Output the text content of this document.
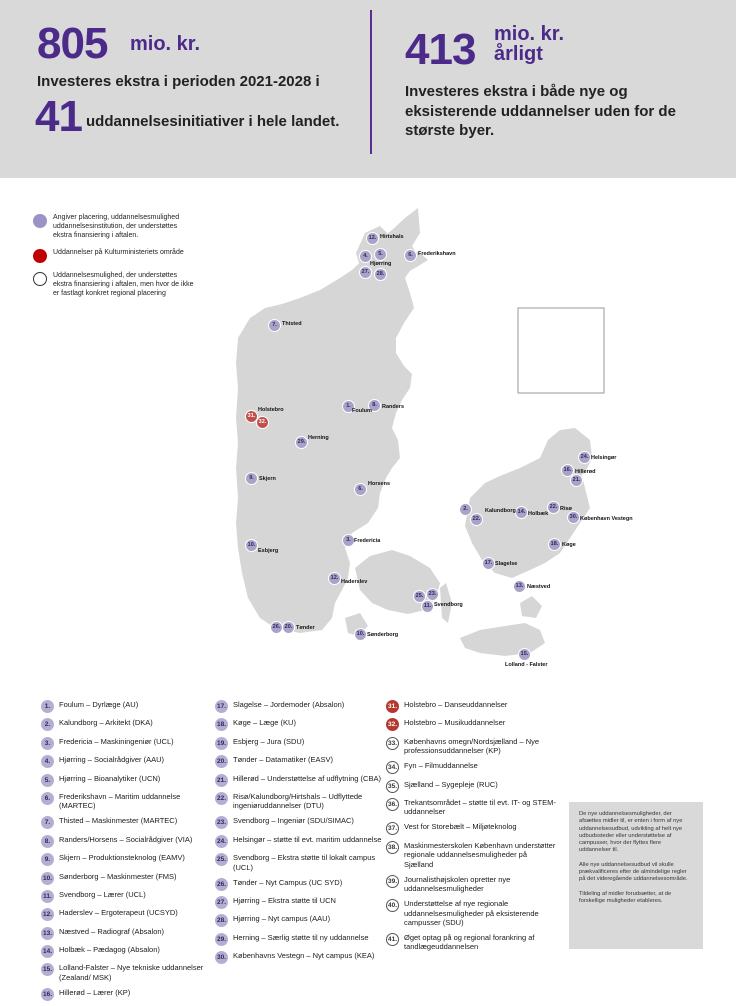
805 mio. kr.
Investeres ekstra i perioden 2021-2028 i
41 uddannelsesinitiativer i hele landet.
413 mio. kr.
årligt
Investeres ekstra i både nye og eksisterende uddannelser uden for de største byer.
12.
4.	5.
27.	28.
6.
7.
1.	8.
31.
32.
29.
9.
6.
3.
10.
12.
26. 20.
10.
25. 23.
11.
2.
22.
14.
22.
30.
24.
16.
21.
18.
17.
13.
15.
Hirtshals
Hjørring
Frederikshavn
Thisted
Holstebro	Randers
Foulum
Herning
Horsens
Skjern
Esbjerg
Fredericia
Haderslev
Tønder
Sønderborg
Svendborg
Kalundborg Holbæk
Risø
København Vestegn
Køge
Slagelse
Næstved
Lolland - Falster
Helsingør
Hillerød
Angiver placering, uddannelsesmulighed uddannelsesinstitution, der understøttes ekstra finansiering i aftalen.
Uddannelser på Kulturministeriets område
Uddannelsesmulighed, der understøttes ekstra finansiering i aftalen, men hvor de ikke er fastlagt konkret regional placering
1.	Foulum – Dyrlæge (AU)
2.	Kalundborg – Arkitekt (DKA)
3.	Fredericia – Maskiningeniør (UCL)
4.	Hjørring – Socialrådgiver (AAU)
5.	Hjørring – Bioanalytiker (UCN)
6.	Frederikshavn – Maritim uddannelse (MARTEC)
7.	Thisted – Maskinmester (MARTEC)
8.	Randers/Horsens – Socialrådgiver (VIA)
9.	Skjern – Produktionsteknolog (EAMV)
10. Sønderborg – Maskinmester (FMS)
11. Svendborg – Lærer (UCL)
12. Haderslev – Ergoterapeut (UCSYD)
13. Næstved – Radiograf (Absalon)
14. Holbæk – Pædagog (Absalon)
15. Lolland-Falster – Nye tekniske uddannelser (Zealand/ MSK)
16. Hillerød – Lærer (KP)
17. Slagelse – Jordemoder (Absalon)
18. Køge – Læge (KU)
19. Esbjerg – Jura (SDU)
20. Tønder – Datamatiker (EASV)
21. Hillerød – Understøttelse af udflytning (CBA)
22. Risø/Kalundborg/Hirtshals – Udflyttede ingeniøruddannelser (DTU)
23. Svendborg – Ingeniør (SDU/SIMAC)
24. Helsingør – støtte til evt. maritim uddannelse
25. Svendborg – Ekstra støtte til lokalt campus (UCL)
26. Tønder – Nyt Campus (UC SYD)
27. Hjørring – Ekstra støtte til UCN
28. Hjørring – Nyt campus (AAU)
29. Herning – Særlig støtte til ny uddannelse
30. Københavns Vestegn – Nyt campus (KEA)
31. Holstebro – Danseuddannelser
32. Holstebro – Musikuddannelser
33. Københavns omegn/Nordsjælland – Nye professionsuddannelser (KP)
34. Fyn – Filmuddannelse
35. Sjælland – Sygepleje (RUC)
36. Trekantsområdet – støtte til evt. IT- og STEM-uddannelser
37. Vest for Storebælt – Miljøteknolog
38. Maskinmesterskolen København understøtter regionale uddannelsesmuligheder på Sjælland
39. Journalisthøjskolen opretter nye uddannelsesmuligheder
40. Understøttelse af nye regionale uddannelsesmuligheder på eksisterende campusser (SDU)
41. Øget optag på og regional forankring af tandlægeuddannelsen

De nye uddannelsesmuligheder, der afsættes midler til, er enten i form af nye uddannelsesudbud, udvikling af helt nye udbudssteder eller understøttelse af campusser, hvor der flyttes flere uddannelser til.

Alle nye uddannelsesudbud vil skulle prækvalificeres efter de almindelige regler på det videregående uddannelsesområde.

Tildeling af midler forudsætter, at de forskellige muligheder etableres.
